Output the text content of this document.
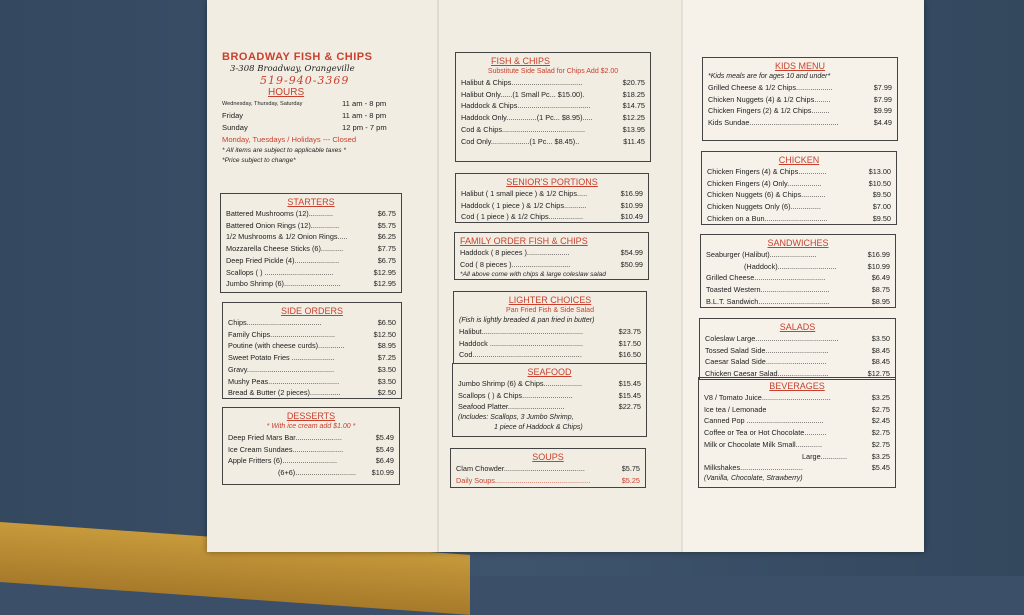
BROADWAY FISH & CHIPS
3-308 Broadway, Orangeville
519-940-3369
HOURS
Wednesday, Thursday, Saturday	11 am - 8 pm
Friday	11 am - 8 pm
Sunday	12 pm - 7 pm
Monday, Tuesdays / Holidays --- Closed
* All items are subject to applicable taxes *
*Price subject to change*
STARTERS
Battered Mushrooms (12)............	$6.75
Battered Onion Rings (12)..............	$5.75
1/2 Mushrooms & 1/2 Onion Rings.....	$6.25
Mozzarella Cheese Sticks (6)...........	$7.75
Deep Fried Pickle (4)......................	$6.75
Scallops ( ) ..................................	$12.95
Jumbo Shrimp (6)............................	$12.95
SIDE ORDERS
Chips.....................................	$6.50
Family Chips................................	$12.50
Poutine (with cheese curds).............	$8.95
Sweet Potato Fries .....................	$7.25
Gravy...........................................	$3.50
Mushy Peas...................................	$3.50
Bread & Butter (2 pieces)...............	$2.50
DESSERTS
* With ice cream add $1.00 *
Deep Fried Mars Bar.......................	$5.49
Ice Cream Sundaes.........................	$5.49
Apple Fritters (6)...........................	$6.49
(6+6).............................. $10.99
FISH & CHIPS
Substitute Side Salad for Chips Add $2.00
Halibut & Chips...................................	$20.75
Halibut Only......(1 Small Pc... $15.00).	$18.25
Haddock & Chips....................................	$14.75
Haddock Only...............(1 Pc... $8.95).....	$12.25
Cod & Chips.........................................	$13.95
Cod Only...................(1 Pc... $8.45)..	$11.45
SENIOR'S PORTIONS
Halibut ( 1 small piece ) & 1/2 Chips.....	$16.99
Haddock ( 1 piece ) & 1/2 Chips...........	$10.99
Cod ( 1 piece ) & 1/2 Chips.................	$10.49
FAMILY ORDER FISH & CHIPS
Haddock ( 8 pieces ).....................	$54.99
Cod ( 8 pieces ).............................	$50.99
*All above come with chips & large coleslaw salad
LIGHTER CHOICES
Pan Fried Fish & Side Salad
(Fish is lightly breaded & pan fried in butter)
Halibut..................................................	$23.75
Haddock ..............................................	$17.50
Cod......................................................	$16.50
SEAFOOD
Jumbo Shrimp (6) & Chips...................	$15.45
Scallops ( ) & Chips.........................	$15.45
Seafood Platter............................	$22.75
(Includes: Scallops, 3 Jumbo Shrimp,
1 piece of Haddock & Chips)
SOUPS
Clam Chowder........................................	$5.75
Daily Soups...............................................	$5.25
KIDS MENU
*Kids meals are for ages 10 and under*
Grilled Cheese & 1/2 Chips..................	$7.99
Chicken Nuggets (4) & 1/2 Chips........	$7.99
Chicken Fingers (2) & 1/2 Chips.........	$9.99
Kids Sundae............................................	$4.49
CHICKEN
Chicken Fingers (4) & Chips..............	$13.00
Chicken Fingers (4) Only.................	$10.50
Chicken Nuggets (6) & Chips............	$9.50
Chicken Nuggets Only (6)...............	$7.00
Chicken on a Bun...............................	$9.50
SANDWICHES
Seaburger (Halibut).......................	$16.99
(Haddock).............................	$10.99
Grilled Cheese...................................	$6.49
Toasted Western..................................	$8.75
B.L.T. Sandwich...................................	$8.95
SALADS
Coleslaw Large.........................................	$3.50
Tossed Salad Side...............................	$8.45
Caesar Salad Side..............................	$8.45
Chicken Caesar Salad.........................	$12.75
BEVERAGES
V8 / Tomato Juice..................................	$3.25
Ice tea / Lemonade	$2.75
Canned Pop ......................................	$2.45
Coffee or Tea or Hot Chocolate...........	$2.75
Milk or Chocolate Milk Small.............	$2.75
Large.............	$3.25
Milkshakes...............................	$5.45
(Vanilla, Chocolate, Strawberry)
